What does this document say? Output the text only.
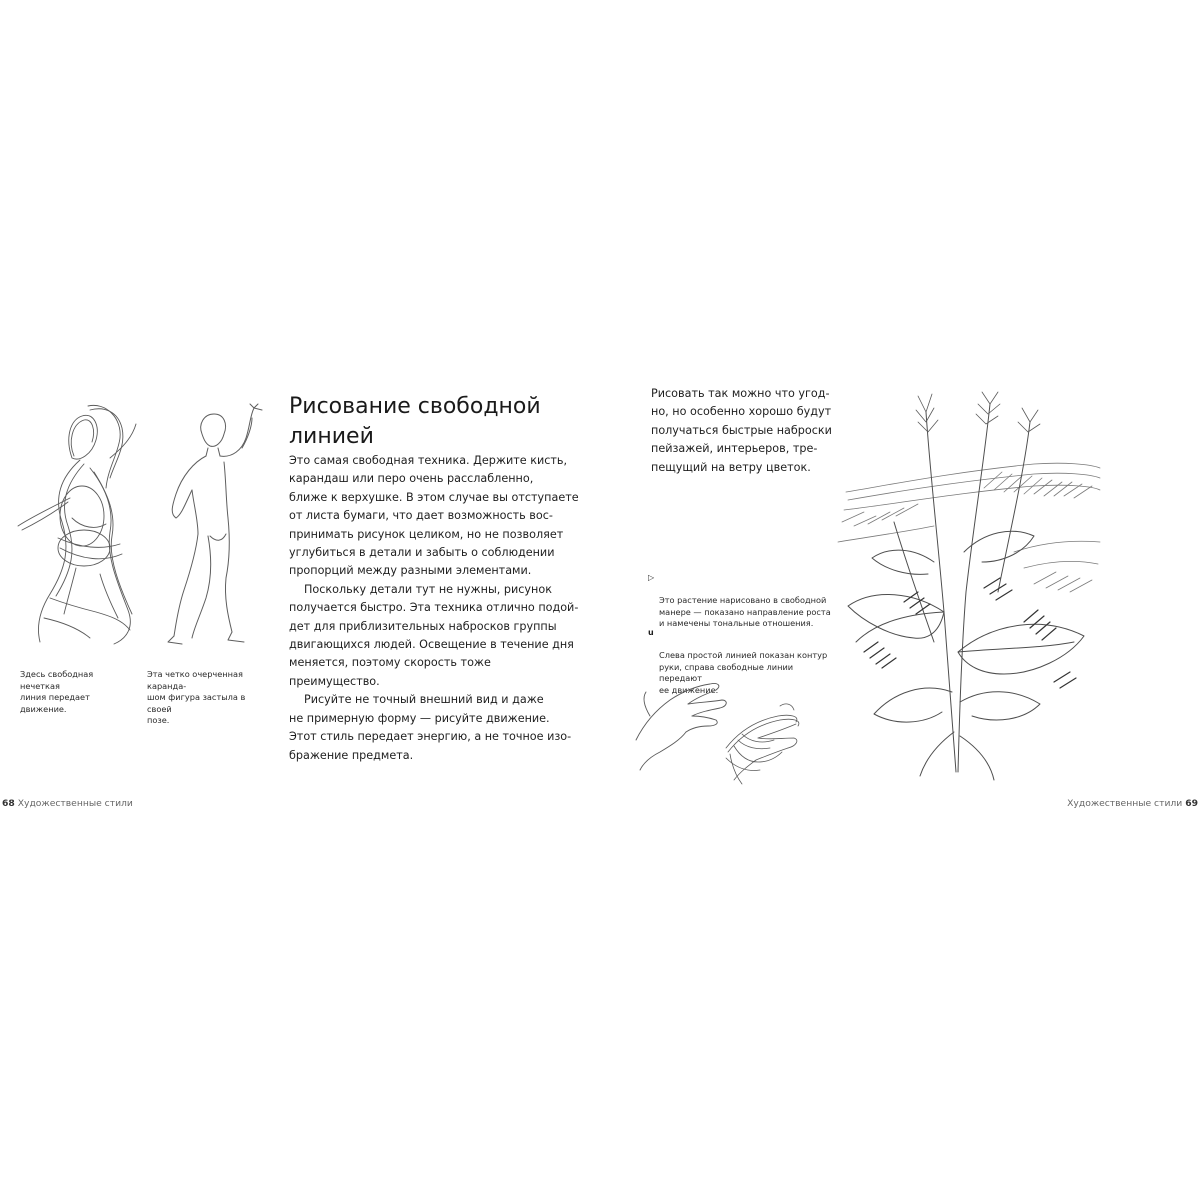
Здесь свободная нечеткая
линия передает движение.
Эта четко очерченная каранда-
шом фигура застыла в своей
позе.
Рисование свободной линией

Это самая свободная техника. Держите кисть,
карандаш или перо очень расслабленно,
ближе к верхушке. В этом случае вы отступаете
от листа бумаги, что дает возможность вос-
принимать рисунок целиком, но не позволяет
углубиться в детали и забыть о соблюдении
пропорций между разными элементами.

Поскольку детали тут не нужны, рисунок
получается быстро. Эта техника отлично подой-
дет для приблизительных набросков группы
двигающихся людей. Освещение в течение дня
меняется, поэтому скорость тоже преимущество.

Рисуйте не точный внешний вид и даже
не примерную форму — рисуйте движение.
Этот стиль передает энергию, а не точное изо-
бражение предмета.

68 Художественные стили
Рисовать так можно что угод-
но, но особенно хорошо будут
получаться быстрые наброски
пейзажей, интерьеров, тре-
пещущий на ветру цветок.

▷

Это растение нарисовано в свободной
манере — показано направление роста
и намечены тональные отношения.

u

Слева простой линией показан контур
руки, справа свободные линии передают
ее движение.

Художественные стили 69
